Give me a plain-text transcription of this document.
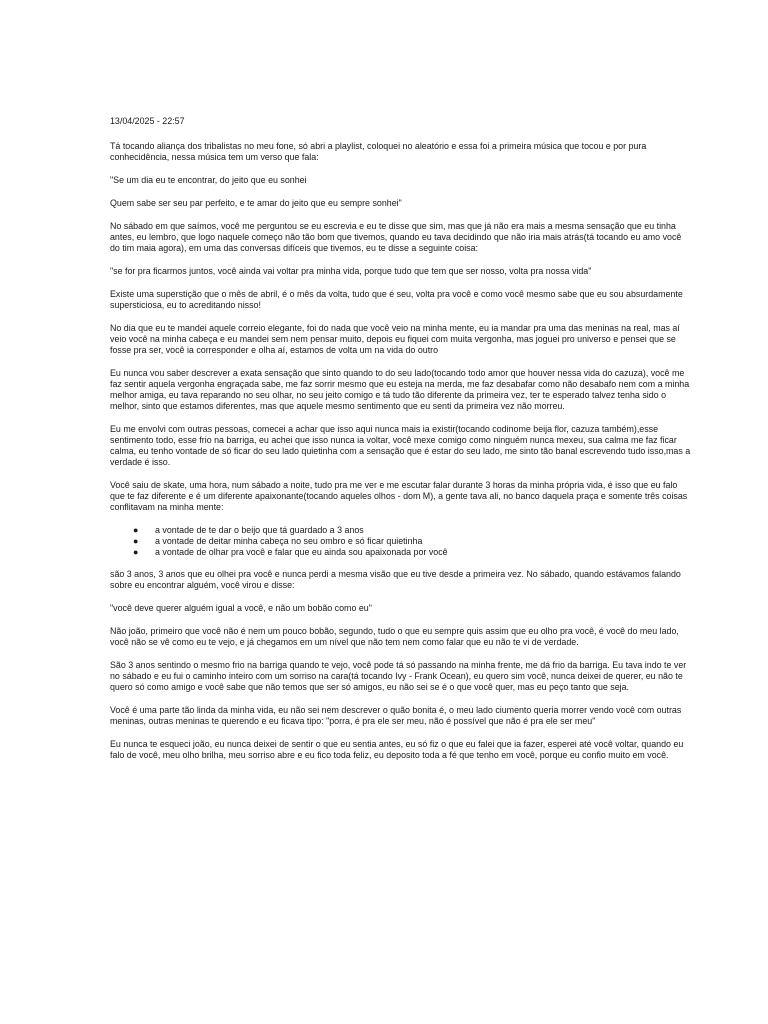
13/04/2025 - 22:57

Tá tocando aliança dos tribalistas no meu fone, só abri a playlist, coloquei no aleatório e essa foi a primeira música que tocou e por pura conhecidência, nessa música tem um verso que fala:

"Se um dia eu te encontrar, do jeito que eu sonhei

Quem sabe ser seu par perfeito, e te amar do jeito que eu sempre sonhei"

No sábado em que saímos, você me perguntou se eu escrevia e eu te disse que sim, mas que já não era mais a mesma sensação que eu tinha antes, eu lembro, que logo naquele começo não tão bom que tivemos, quando eu tava decidindo que não iria mais atrás(tá tocando eu amo você do tim maia agora), em uma das conversas difíceis que tivemos, eu te disse a seguinte coisa:

"se for pra ficarmos juntos, você ainda vai voltar pra minha vida, porque tudo que tem que ser nosso, volta pra nossa vida"

Existe uma superstição que o mês de abril, é o mês da volta, tudo que é seu, volta pra você e como você mesmo sabe que eu sou absurdamente supersticiosa, eu to acreditando nisso!

No dia que eu te mandei aquele correio elegante, foi do nada que você veio na minha mente, eu ia mandar pra uma das meninas na real, mas aí veio você na minha cabeça e eu mandei sem nem pensar muito, depois eu fiquei com muita vergonha, mas joguei pro universo e pensei que se fosse pra ser, você ia corresponder e olha aí, estamos de volta um na vida do outro

Eu nunca vou saber descrever a exata sensação que sinto quando to do seu lado(tocando todo amor que houver nessa vida do cazuza), você me faz sentir aquela vergonha engraçada sabe, me faz sorrir mesmo que eu esteja na merda, me faz desabafar como não desabafo nem com a minha melhor amiga, eu tava reparando no seu olhar, no seu jeito comigo e tá tudo tão diferente da primeira vez, ter te esperado talvez tenha sido o melhor, sinto que estamos diferentes, mas que aquele mesmo sentimento que eu senti da primeira vez não morreu.

Eu me envolvi com outras pessoas, comecei a achar que isso aqui nunca mais ia existir(tocando codinome beija flor, cazuza também),esse sentimento todo, esse frio na barriga, eu achei que isso nunca ia voltar, você mexe comigo como ninguém nunca mexeu, sua calma me faz ficar calma, eu tenho vontade de só ficar do seu lado quietinha com a sensação que é estar do seu lado, me sinto tão banal escrevendo tudo isso,mas a verdade é isso.

Você saiu de skate, uma hora, num sábado a noite, tudo pra me ver e me escutar falar durante 3 horas da minha própria vida, é isso que eu falo que te faz diferente e é um diferente apaixonante(tocando aqueles olhos - dom M), a gente tava ali, no banco daquela praça e somente três coisas conflitavam na minha mente:

● a vontade de te dar o beijo que tá guardado a 3 anos
● a vontade de deitar minha cabeça no seu ombro e só ficar quietinha
● a vontade de olhar pra você e falar que eu ainda sou apaixonada por você

são 3 anos, 3 anos que eu olhei pra você e nunca perdi a mesma visão que eu tive desde a primeira vez. No sábado, quando estávamos falando sobre eu encontrar alguém, você virou e disse:

"você deve querer alguém igual a você, e não um bobão como eu"

Não joão, primeiro que você não é nem um pouco bobão, segundo, tudo o que eu sempre quis assim que eu olho pra você, é você do meu lado, você não se vê como eu te vejo, e já chegamos em um nível que não tem nem como falar que eu não te vi de verdade.

São 3 anos sentindo o mesmo frio na barriga quando te vejo, você pode tá só passando na minha frente, me dá frio da barriga. Eu tava indo te ver no sábado e eu fui o caminho inteiro com um sorriso na cara(tá tocando Ivy - Frank Ocean), eu quero sim você, nunca deixei de querer, eu não te quero só como amigo e você sabe que não temos que ser só amigos, eu não sei se é o que você quer, mas eu peço tanto que seja.

Você é uma parte tão linda da minha vida, eu não sei nem descrever o quão bonita é, o meu lado ciumento queria morrer vendo você com outras meninas, outras meninas te querendo e eu ficava tipo: "porra, é pra ele ser meu, não é possível que não é pra ele ser meu"

Eu nunca te esqueci joão, eu nunca deixei de sentir o que eu sentia antes, eu só fiz o que eu falei que ia fazer, esperei até você voltar, quando eu falo de você, meu olho brilha, meu sorriso abre e eu fico toda feliz, eu deposito toda a fé que tenho em você, porque eu confio muito em você.
